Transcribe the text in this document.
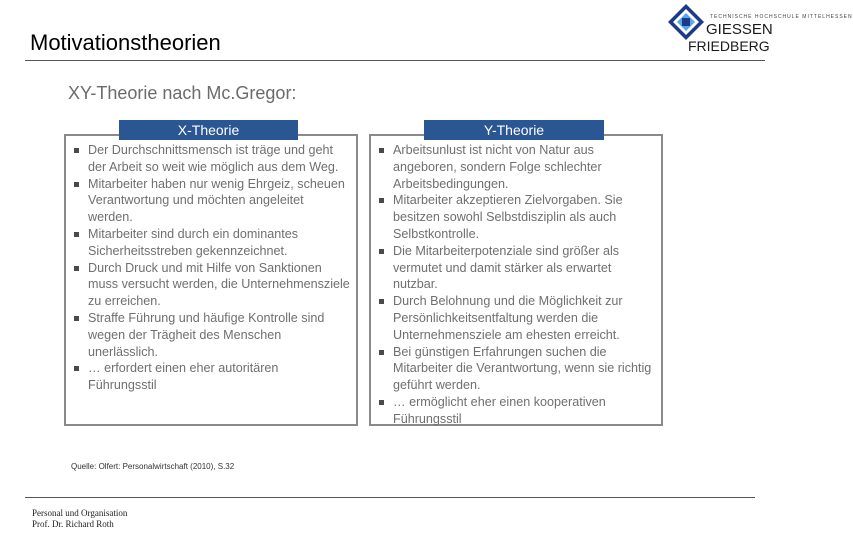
Motivationstheorien
TECHNISCHE HOCHSCHULE MITTELHESSEN
GIESSEN
FRIEDBERG
XY-Theorie nach Mc.Gregor:
Der Durchschnittsmensch ist träge und geht der Arbeit so weit wie möglich aus dem Weg.
Mitarbeiter haben nur wenig Ehrgeiz, scheuen Verantwortung und möchten angeleitet werden.
Mitarbeiter sind durch ein dominantes Sicherheitsstreben gekennzeichnet.
Durch Druck und mit Hilfe von Sanktionen muss versucht werden, die Unternehmensziele zu erreichen.
Straffe Führung und häufige Kontrolle sind wegen der Trägheit des Menschen unerlässlich.
… erfordert einen eher autoritären Führungsstil
X-Theorie
Arbeitsunlust ist nicht von Natur aus angeboren, sondern Folge schlechter Arbeitsbedingungen.
Mitarbeiter akzeptieren Zielvorgaben. Sie besitzen sowohl Selbstdisziplin als auch Selbstkontrolle.
Die Mitarbeiterpotenziale sind größer als vermutet und damit stärker als erwartet nutzbar.
Durch Belohnung und die Möglichkeit zur Persönlichkeitsentfaltung werden die Unternehmensziele am ehesten erreicht.
Bei günstigen Erfahrungen suchen die Mitarbeiter die Verantwortung, wenn sie richtig geführt werden.
… ermöglicht eher einen kooperativen Führungsstil
Y-Theorie
Quelle: Olfert: Personalwirtschaft (2010), S.32
Personal und Organisation
Prof. Dr. Richard Roth
